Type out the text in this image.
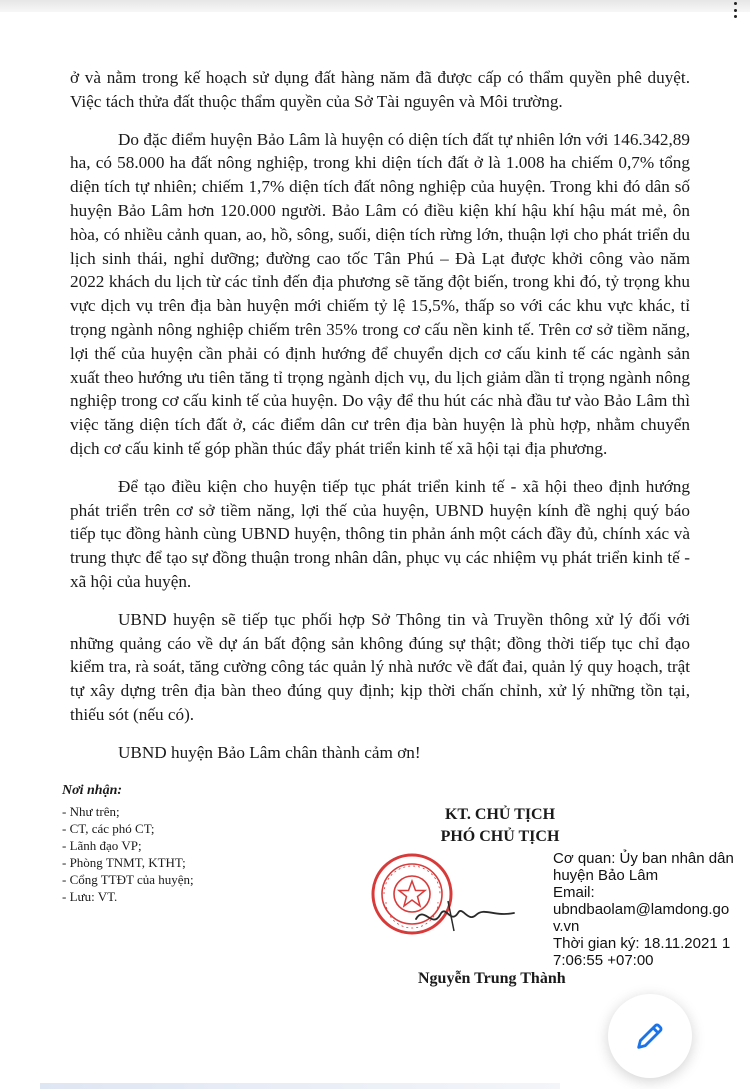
ở và nằm trong kế hoạch sử dụng đất hàng năm đã được cấp có thẩm quyền phê duyệt. Việc tách thửa đất thuộc thẩm quyền của Sở Tài nguyên và Môi trường.

Do đặc điểm huyện Bảo Lâm là huyện có diện tích đất tự nhiên lớn với 146.342,89 ha, có 58.000 ha đất nông nghiệp, trong khi diện tích đất ở là 1.008 ha chiếm 0,7% tổng diện tích tự nhiên; chiếm 1,7% diện tích đất nông nghiệp của huyện. Trong khi đó dân số huyện Bảo Lâm hơn 120.000 người. Bảo Lâm có điều kiện khí hậu khí hậu mát mẻ, ôn hòa, có nhiều cảnh quan, ao, hồ, sông, suối, diện tích rừng lớn, thuận lợi cho phát triển du lịch sinh thái, nghỉ dưỡng; đường cao tốc Tân Phú – Đà Lạt được khởi công vào năm 2022 khách du lịch từ các tỉnh đến địa phương sẽ tăng đột biến, trong khi đó, tỷ trọng khu vực dịch vụ trên địa bàn huyện mới chiếm tỷ lệ 15,5%, thấp so với các khu vực khác, tỉ trọng ngành nông nghiệp chiếm trên 35% trong cơ cấu nền kinh tế. Trên cơ sở tiềm năng, lợi thế của huyện cần phải có định hướng để chuyển dịch cơ cấu kinh tế các ngành sản xuất theo hướng ưu tiên tăng tỉ trọng ngành dịch vụ, du lịch giảm dần tỉ trọng ngành nông nghiệp trong cơ cấu kinh tế của huyện. Do vậy để thu hút các nhà đầu tư vào Bảo Lâm thì việc tăng diện tích đất ở, các điểm dân cư trên địa bàn huyện là phù hợp, nhằm chuyển dịch cơ cấu kinh tế góp phần thúc đẩy phát triển kinh tế xã hội tại địa phương.

Để tạo điều kiện cho huyện tiếp tục phát triển kinh tế - xã hội theo định hướng phát triển trên cơ sở tiềm năng, lợi thế của huyện, UBND huyện kính đề nghị quý báo tiếp tục đồng hành cùng UBND huyện, thông tin phản ánh một cách đầy đủ, chính xác và trung thực để tạo sự đồng thuận trong nhân dân, phục vụ các nhiệm vụ phát triển kinh tế - xã hội của huyện.

UBND huyện sẽ tiếp tục phối hợp Sở Thông tin và Truyền thông xử lý đối với những quảng cáo về dự án bất động sản không đúng sự thật; đồng thời tiếp tục chỉ đạo kiểm tra, rà soát, tăng cường công tác quản lý nhà nước về đất đai, quản lý quy hoạch, trật tự xây dựng trên địa bàn theo đúng quy định; kịp thời chấn chỉnh, xử lý những tồn tại, thiếu sót (nếu có).

UBND huyện Bảo Lâm chân thành cảm ơn!

Nơi nhận:
- Như trên;
- CT, các phó CT;
- Lãnh đạo VP;
- Phòng TNMT, KTHT;
- Cổng TTĐT của huyện;
- Lưu: VT.
KT. CHỦ TỊCH
PHÓ CHỦ TỊCH
Cơ quan: Ủy ban nhân dân huyện Bảo Lâm
Email:
ubndbaolam@lamdong.gov.vn
Thời gian ký: 18.11.2021 17:06:55 +07:00
Nguyễn Trung Thành
